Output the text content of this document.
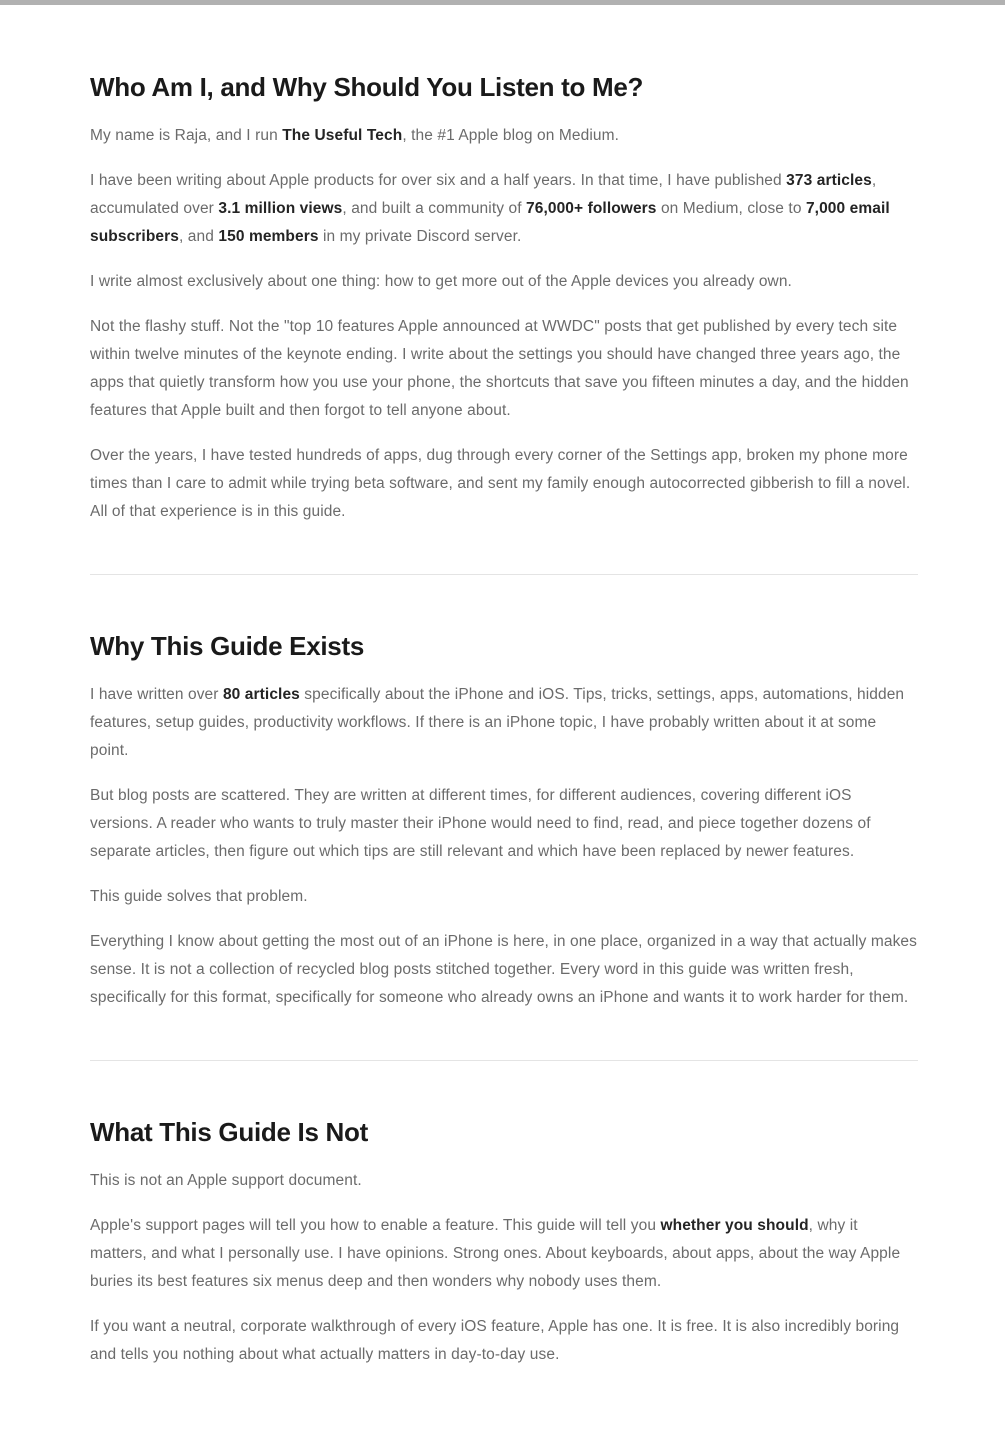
Who Am I, and Why Should You Listen to Me?

My name is Raja, and I run The Useful Tech, the #1 Apple blog on Medium.

I have been writing about Apple products for over six and a half years. In that time, I have published 373 articles, accumulated over 3.1 million views, and built a community of 76,000+ followers on Medium, close to 7,000 email subscribers, and 150 members in my private Discord server.

I write almost exclusively about one thing: how to get more out of the Apple devices you already own.

Not the flashy stuff. Not the "top 10 features Apple announced at WWDC" posts that get published by every tech site within twelve minutes of the keynote ending. I write about the settings you should have changed three years ago, the apps that quietly transform how you use your phone, the shortcuts that save you fifteen minutes a day, and the hidden features that Apple built and then forgot to tell anyone about.

Over the years, I have tested hundreds of apps, dug through every corner of the Settings app, broken my phone more times than I care to admit while trying beta software, and sent my family enough autocorrected gibberish to fill a novel. All of that experience is in this guide.

Why This Guide Exists

I have written over 80 articles specifically about the iPhone and iOS. Tips, tricks, settings, apps, automations, hidden features, setup guides, productivity workflows. If there is an iPhone topic, I have probably written about it at some point.

But blog posts are scattered. They are written at different times, for different audiences, covering different iOS versions. A reader who wants to truly master their iPhone would need to find, read, and piece together dozens of separate articles, then figure out which tips are still relevant and which have been replaced by newer features.

This guide solves that problem.

Everything I know about getting the most out of an iPhone is here, in one place, organized in a way that actually makes sense. It is not a collection of recycled blog posts stitched together. Every word in this guide was written fresh, specifically for this format, specifically for someone who already owns an iPhone and wants it to work harder for them.

What This Guide Is Not

This is not an Apple support document.

Apple's support pages will tell you how to enable a feature. This guide will tell you whether you should, why it matters, and what I personally use. I have opinions. Strong ones. About keyboards, about apps, about the way Apple buries its best features six menus deep and then wonders why nobody uses them.

If you want a neutral, corporate walkthrough of every iOS feature, Apple has one. It is free. It is also incredibly boring and tells you nothing about what actually matters in day-to-day use.
